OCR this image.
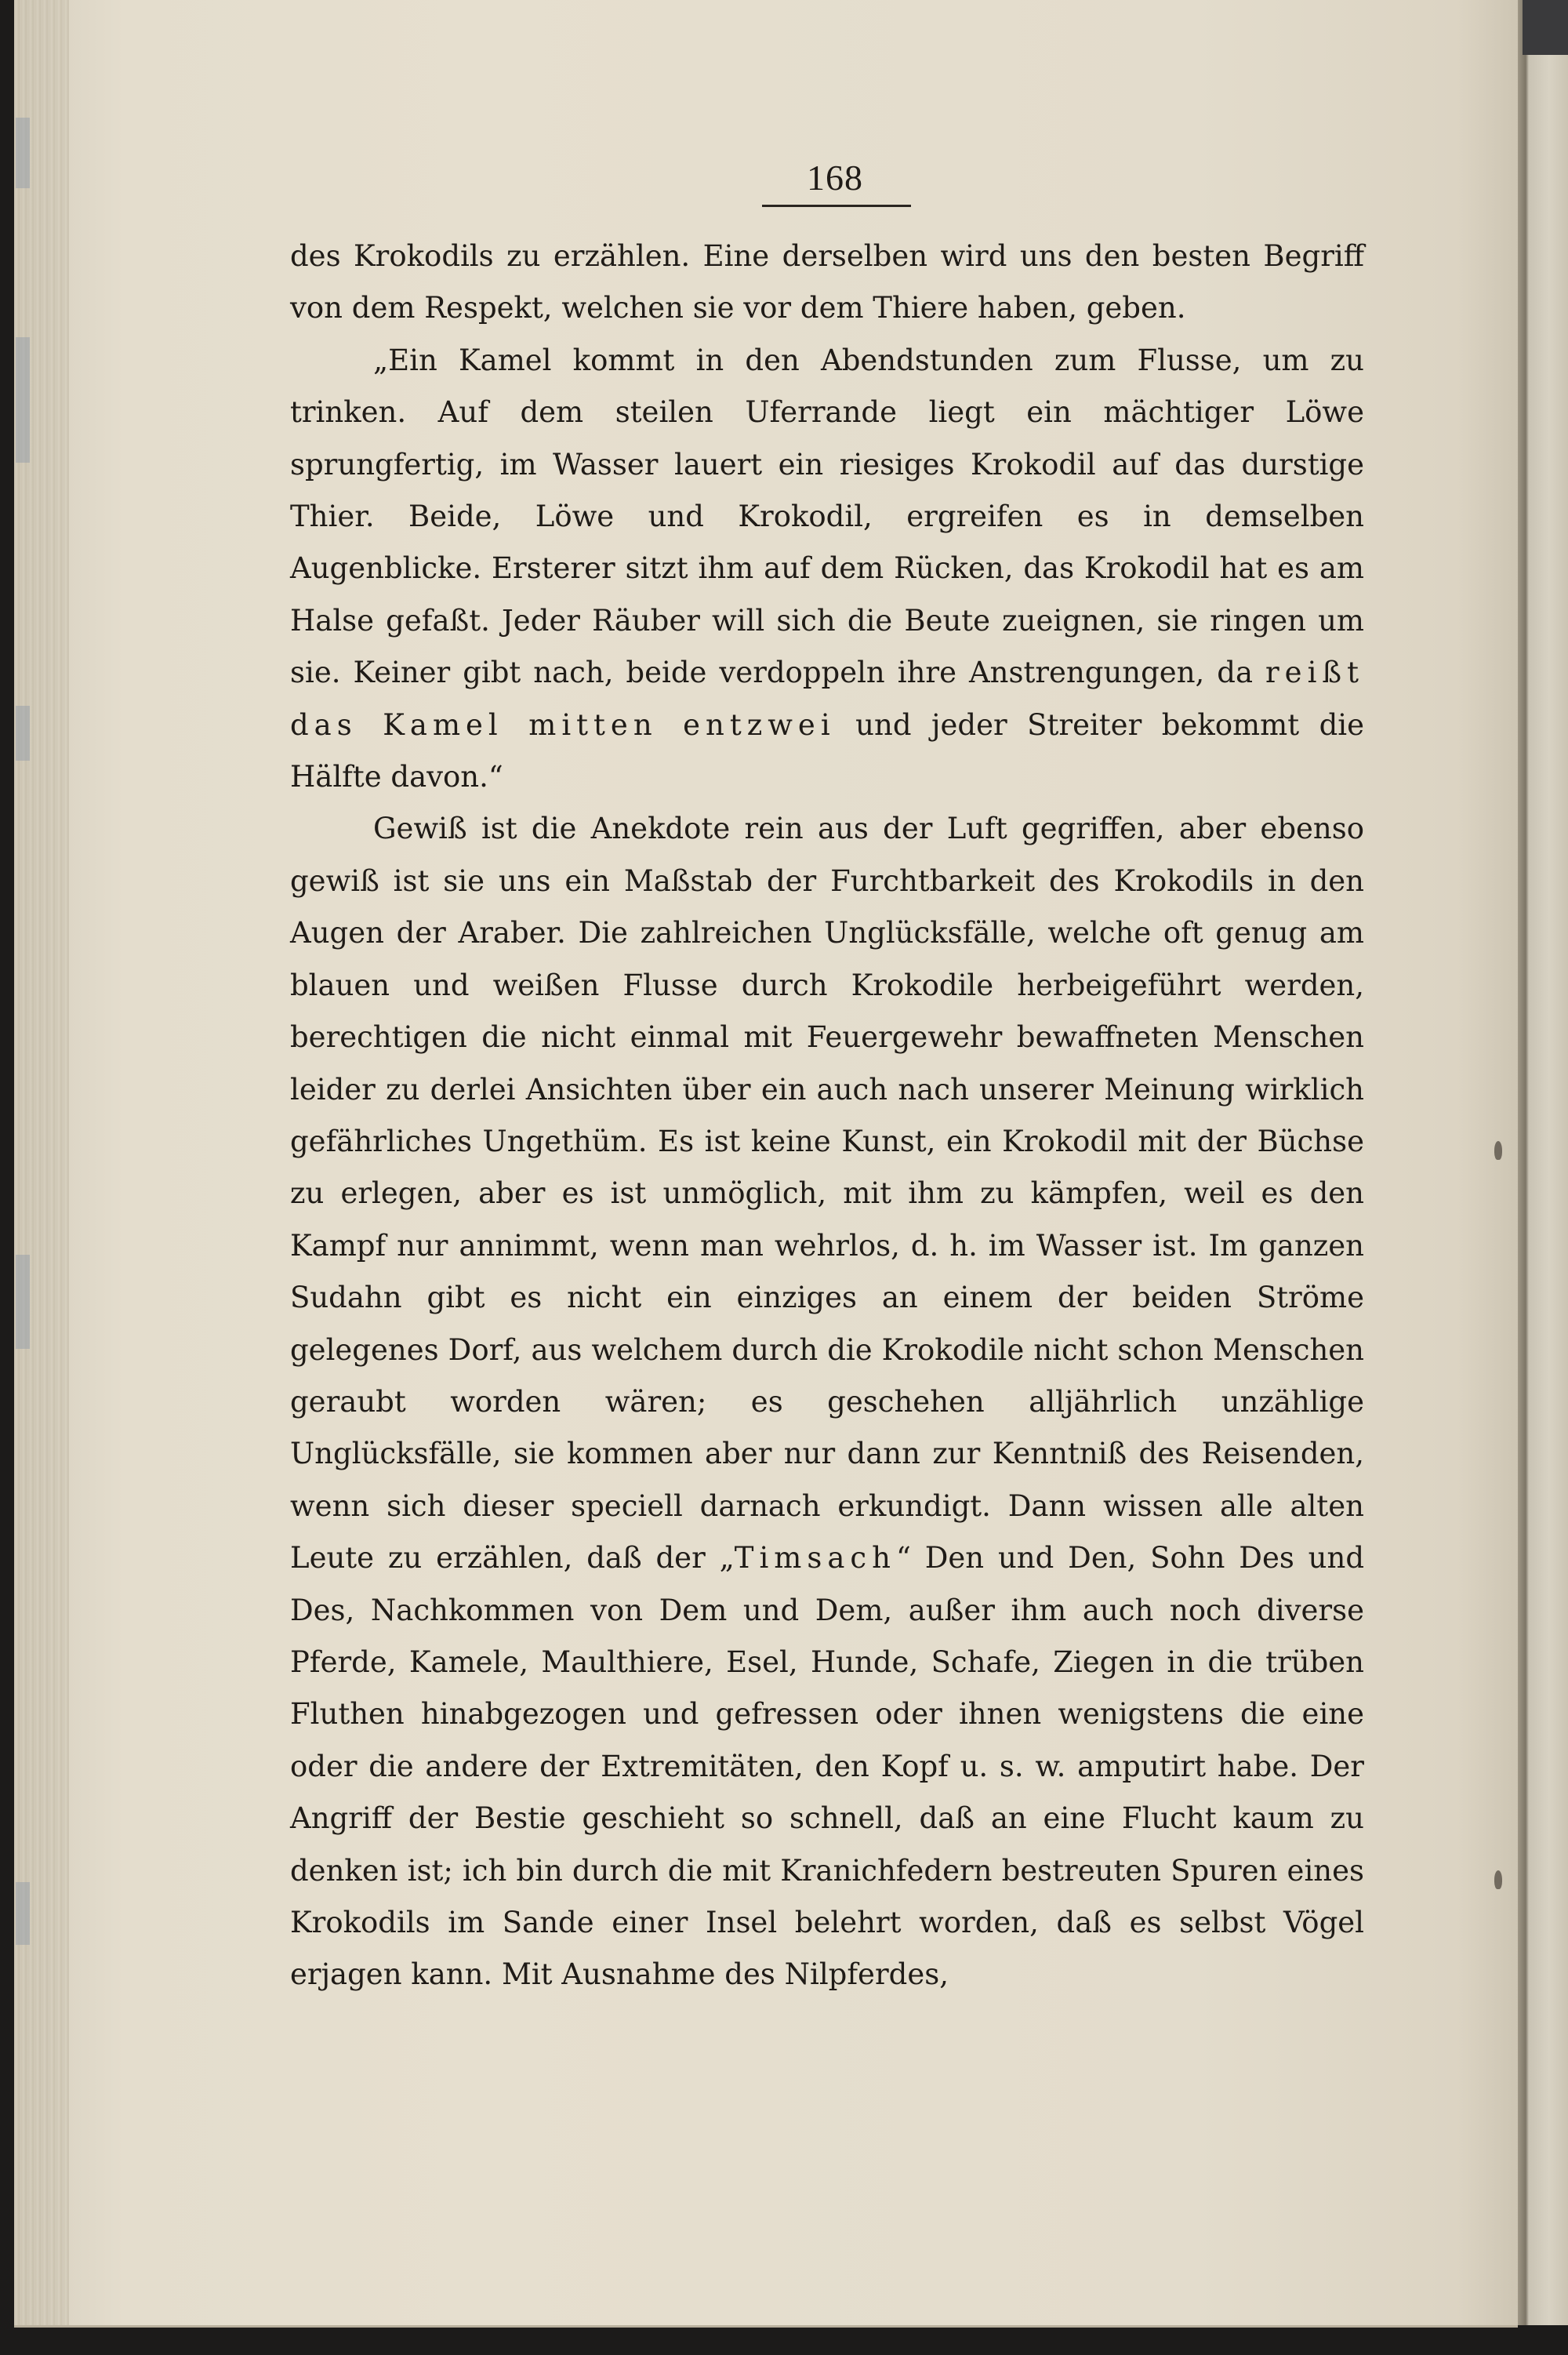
168

des Krokodils zu erzählen. Eine derselben wird uns den besten Begriff von dem Respekt, welchen sie vor dem Thiere haben, geben.

„Ein Kamel kommt in den Abendstunden zum Flusse, um zu trinken. Auf dem steilen Uferrande liegt ein mächtiger Löwe sprungfertig, im Wasser lauert ein riesiges Krokodil auf das durstige Thier. Beide, Löwe und Krokodil, ergreifen es in demselben Augenblicke. Ersterer sitzt ihm auf dem Rücken, das Krokodil hat es am Halse gefaßt. Jeder Räuber will sich die Beute zueignen, sie ringen um sie. Keiner gibt nach, beide verdoppeln ihre Anstrengungen, da reißt das Kamel mitten entzwei und jeder Streiter bekommt die Hälfte davon.“

Gewiß ist die Anekdote rein aus der Luft gegriffen, aber ebenso gewiß ist sie uns ein Maßstab der Furchtbarkeit des Krokodils in den Augen der Araber. Die zahlreichen Unglücksfälle, welche oft genug am blauen und weißen Flusse durch Krokodile herbeigeführt werden, berechtigen die nicht einmal mit Feuergewehr bewaffneten Menschen leider zu derlei Ansichten über ein auch nach unserer Meinung wirklich gefährliches Ungethüm. Es ist keine Kunst, ein Krokodil mit der Büchse zu erlegen, aber es ist unmöglich, mit ihm zu kämpfen, weil es den Kampf nur annimmt, wenn man wehrlos, d. h. im Wasser ist. Im ganzen Sudahn gibt es nicht ein einziges an einem der beiden Ströme gelegenes Dorf, aus welchem durch die Krokodile nicht schon Menschen geraubt worden wären; es geschehen alljährlich unzählige Unglücksfälle, sie kommen aber nur dann zur Kenntniß des Reisenden, wenn sich dieser speciell darnach erkundigt. Dann wissen alle alten Leute zu erzählen, daß der „Timsach“ Den und Den, Sohn Des und Des, Nachkommen von Dem und Dem, außer ihm auch noch diverse Pferde, Kamele, Maulthiere, Esel, Hunde, Schafe, Ziegen in die trüben Fluthen hinabgezogen und gefressen oder ihnen wenigstens die eine oder die andere der Extremitäten, den Kopf u. s. w. amputirt habe. Der Angriff der Bestie geschieht so schnell, daß an eine Flucht kaum zu denken ist; ich bin durch die mit Kranichfedern bestreuten Spuren eines Krokodils im Sande einer Insel belehrt worden, daß es selbst Vögel erjagen kann. Mit Ausnahme des Nilpferdes,
